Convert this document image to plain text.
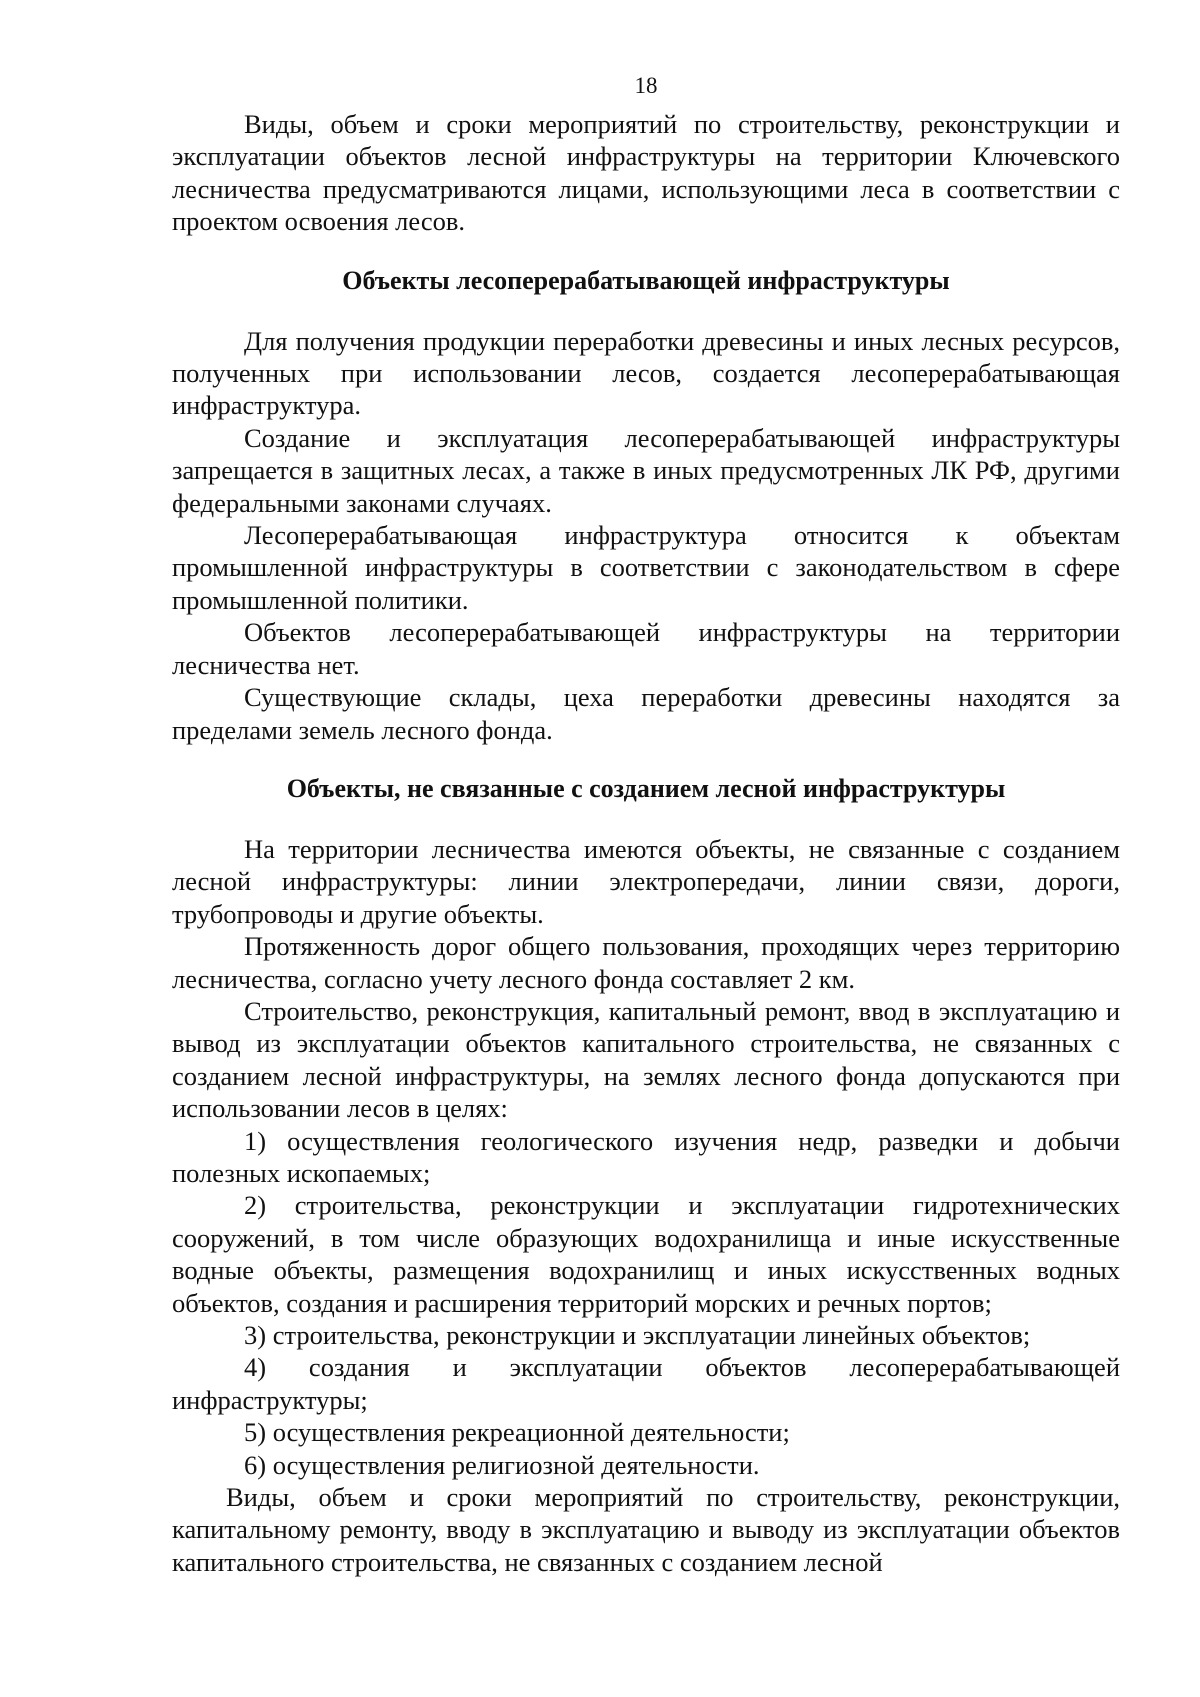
18

Виды, объем и сроки мероприятий по строительству, реконструкции и эксплуатации объектов лесной инфраструктуры на территории Ключевского лесничества предусматриваются лицами, использующими леса в соответствии с проектом освоения лесов.

Объекты лесоперерабатывающей инфраструктуры

Для получения продукции переработки древесины и иных лесных ресурсов, полученных при использовании лесов, создается лесоперерабатывающая инфраструктура.

Создание и эксплуатация лесоперерабатывающей инфраструктуры запрещается в защитных лесах, а также в иных предусмотренных ЛК РФ, другими федеральными законами случаях.

Лесоперерабатывающая инфраструктура относится к объектам промышленной инфраструктуры в соответствии с законодательством в сфере промышленной политики.

Объектов лесоперерабатывающей инфраструктуры на территории лесничества нет.

Существующие склады, цеха переработки древесины находятся за пределами земель лесного фонда.

Объекты, не связанные с созданием лесной инфраструктуры

На территории лесничества имеются объекты, не связанные с созданием лесной инфраструктуры: линии электропередачи, линии связи, дороги, трубопроводы и другие объекты.

Протяженность дорог общего пользования, проходящих через территорию лесничества, согласно учету лесного фонда составляет 2 км.

Строительство, реконструкция, капитальный ремонт, ввод в эксплуатацию и вывод из эксплуатации объектов капитального строительства, не связанных с созданием лесной инфраструктуры, на землях лесного фонда допускаются при использовании лесов в целях:

1) осуществления геологического изучения недр, разведки и добычи полезных ископаемых;

2) строительства, реконструкции и эксплуатации гидротехнических сооружений, в том числе образующих водохранилища и иные искусственные водные объекты, размещения водохранилищ и иных искусственных водных объектов, создания и расширения территорий морских и речных портов;

3) строительства, реконструкции и эксплуатации линейных объектов;

4) создания и эксплуатации объектов лесоперерабатывающей инфраструктуры;

5) осуществления рекреационной деятельности;

6) осуществления религиозной деятельности.

Виды, объем и сроки мероприятий по строительству, реконструкции, капитальному ремонту, вводу в эксплуатацию и выводу из эксплуатации объектов капитального строительства, не связанных с созданием лесной
